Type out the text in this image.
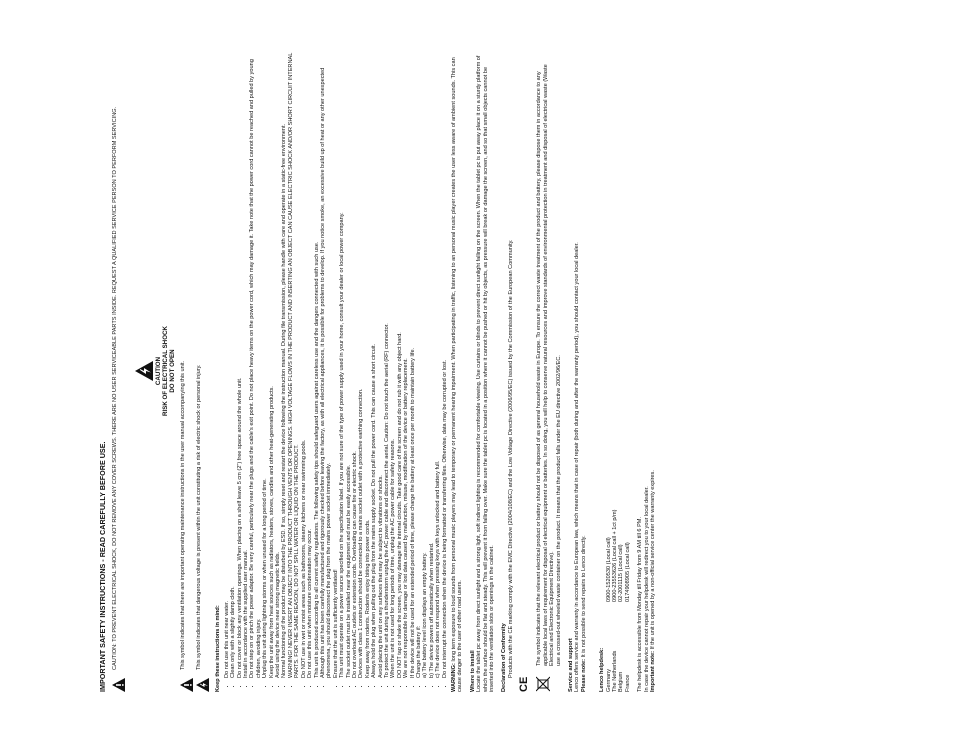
IMPORTANT SAFETY INSTRUCTIONS - READ CAREFULLY BEFORE USE. CAUTION: TO PREVENT ELECTRICAL SHOCK, DO NOT REMOVE ANY COVER SCREWS. THERE ARE NO USER SERVICEABLE PARTS INSIDE. REQUEST A QUALIFIED SERVICE PERSON TO PERFORM SERVICING.	CAUTION RISK OF ELECTRICAL SHOCK DO NOT OPEN This symbol indicates that there are important operating maintenance instructions in the user manual accompanying this unit. This symbol indicates that dangerous voltage is present within the unit constituting a risk of electric shock or personal injury. Keep these instructions in mind: • Do not use this unit near water. • Clean only with a slightly damp cloth. • Do not cover or block any ventilation openings. When placing on a shelf leave 5 cm (2") free space around the whole unit. • Install in accordance with the supplied user manual. • Do not step on or pinch the power adaptor. Be very careful, particularly near the plugs and the cable's exit point. Do not place heavy items on the power cord, which may damage it. Take note that the power cord cannot be reached and pulled by young children, avoiding injury. • Unplug this unit during lightning storms or when unused for a long period of time. • Keep the unit away from heat sources such as radiators, heaters, stoves, candles and other heat-generating products. • Avoid using the device near strong magnetic fields. • Normal functioning of the product may be disturbed by ESD. If so, simply reset and restart the device following the instruction manual. During file transmission, please handle with care and operate in a static-free environment. • WARNING! NEVER INSERT AN OBJECT INTO THE PRODUCT THROUGH VENTS OR OPENINGS. HIGH VOLTAGE FLOWS IN THE PRODUCT AND INSERTING AN OBJECT CAN CAUSE ELECTRIC SHOCK AND/OR SHORT CIRCUIT INTERNAL PARTS. FOR THE SAME REASON, DO NOT SPILL WATER OR LIQUID ON THE PRODUCT. • Do NOT use in wet or moist areas such as bathrooms, steamy kitchens or near swimming pools. • Do not use this unit when moisture condensation may occur. • This unit is produced according to all current safety regulations. The following safety tips should safeguard users against careless use and the dangers connected with such use. • Although this unit has been carefully manufactured and rigorously checked before leaving the factory, as with all electrical appliances, it is possible for problems to develop. If you notice smoke, an excessive build up of heat or any other unexpected phenomena, you should disconnect the plug from the mains power socket immediately. • Ensure that the unit is sufficiently ventilated! • This unit must operate on a power source specified on the specification label. If you are not sure of the type of power supply used in your home, consult your dealer or local power company. • The socket outlet must be installed near the equipment and must be easily accessible. • Do not overload AC outlets or extension cords. Overloading can cause fire or electric shock. • Devices with class 1 construction should be connected to a mains socket outlet with a protective earthing connection. • Keep away from rodents. Rodents enjoy biting into power cords. • Always hold the plug when pulling out the plug from the mains supply socket. Do not pull the power cord. This can cause a short circuit. • Avoid placing the unit on any surfaces that may be subject to vibrations or shocks. • To protect the unit during a thunderstorm unplug the AC power cable and disconnect the aerial. Caution: Do not touch the aerial (RF) connector. • When the unit is not used for long periods of time, unplug the AC power cable for safety reasons. • DO NOT tap or shake the screen, you may damage the internal circuits. Take good care of the screen and do not rub it with any object hard. • We are not responsible for damage or lost data caused by malfunction, misuse, modification of the device or battery replacement. • If the device will not be used for an extended period of time, please charge the battery at least once per month to maintain battery life. • Charge the battery if: • a) The battery level icon displays an empty battery. • b) The device powers off automatically when restarted. • c) The device does not respond when pressing keys with keys unlocked and battery full. • Do not interrupt the connection when the device is being formatted or transferring files. Otherwise, data may be corrupted or lost. WARNING: long term exposure to loud sounds from personal music players may lead to temporary or permanent hearing impairment. When participating in traffic, listening to an personal music player creates the user less aware of ambient sounds. This can cause danger to the user of other road users. Where to install Locate the tablet pc away from direct sunlight and a strong light, soft indirect lighting is recommended for comfortable viewing. Use curtains or blinds to prevent direct sunlight falling on the screen. When the tablet pc is put away place it on a sturdy platform of which the surface should be flat and steady. This will prevent it from falling over. Make sure the tablet pc is located in a position where it cannot be pushed or hit by objects, as pressure will break or damage the screen, and so that small objects cannot be inserted into the ventilation slots or openings in the cabinet. Declaration of Conformity Products with the CE marking comply with the EMC Directive (2004/108/EC) and the Low Voltage Directive (2006/95/EC) issued by the Commission of the European Community.
CE
The symbol indicates that the relevant electrical product or battery should not be disposed of as general household waste in Europe. To ensure the correct waste treatment of the product and battery, please dispose them in accordance to any applicable local laws of requirement for disposal of electrical equipment or batteries. In so doing, you will help to conserve natural resources and improve standards of environmental protection in treatment and disposal of electrical waste (Waste Electrical and Electronic Equipment Directive). use a crossed-out wheeled waste container on the product. It means that the product falls under the EU directive 2002/96/EC. Service and support Lenco offers service and warranty in accordance to European law, which means that in case of repair (both during and after the warranty period), you should contact your local dealer. Please note: It is not possible to send repairs to Lenco directly.
Lenco helpdesk: Germany
0900-1520530 (Local call)
The Netherlands
0900-23553626 (Local call + 1ct p/m)
Belgium
02-2001115 (Local call)
France
0174908905 (Local call) The helpdesk is accessible from Monday till Friday from 9 AM till 6 PM. In case the device cannot repair your helpdesk will redirect you to your local dealer. Important note: If the unit is opened by a non-official service center the warranty expires.
